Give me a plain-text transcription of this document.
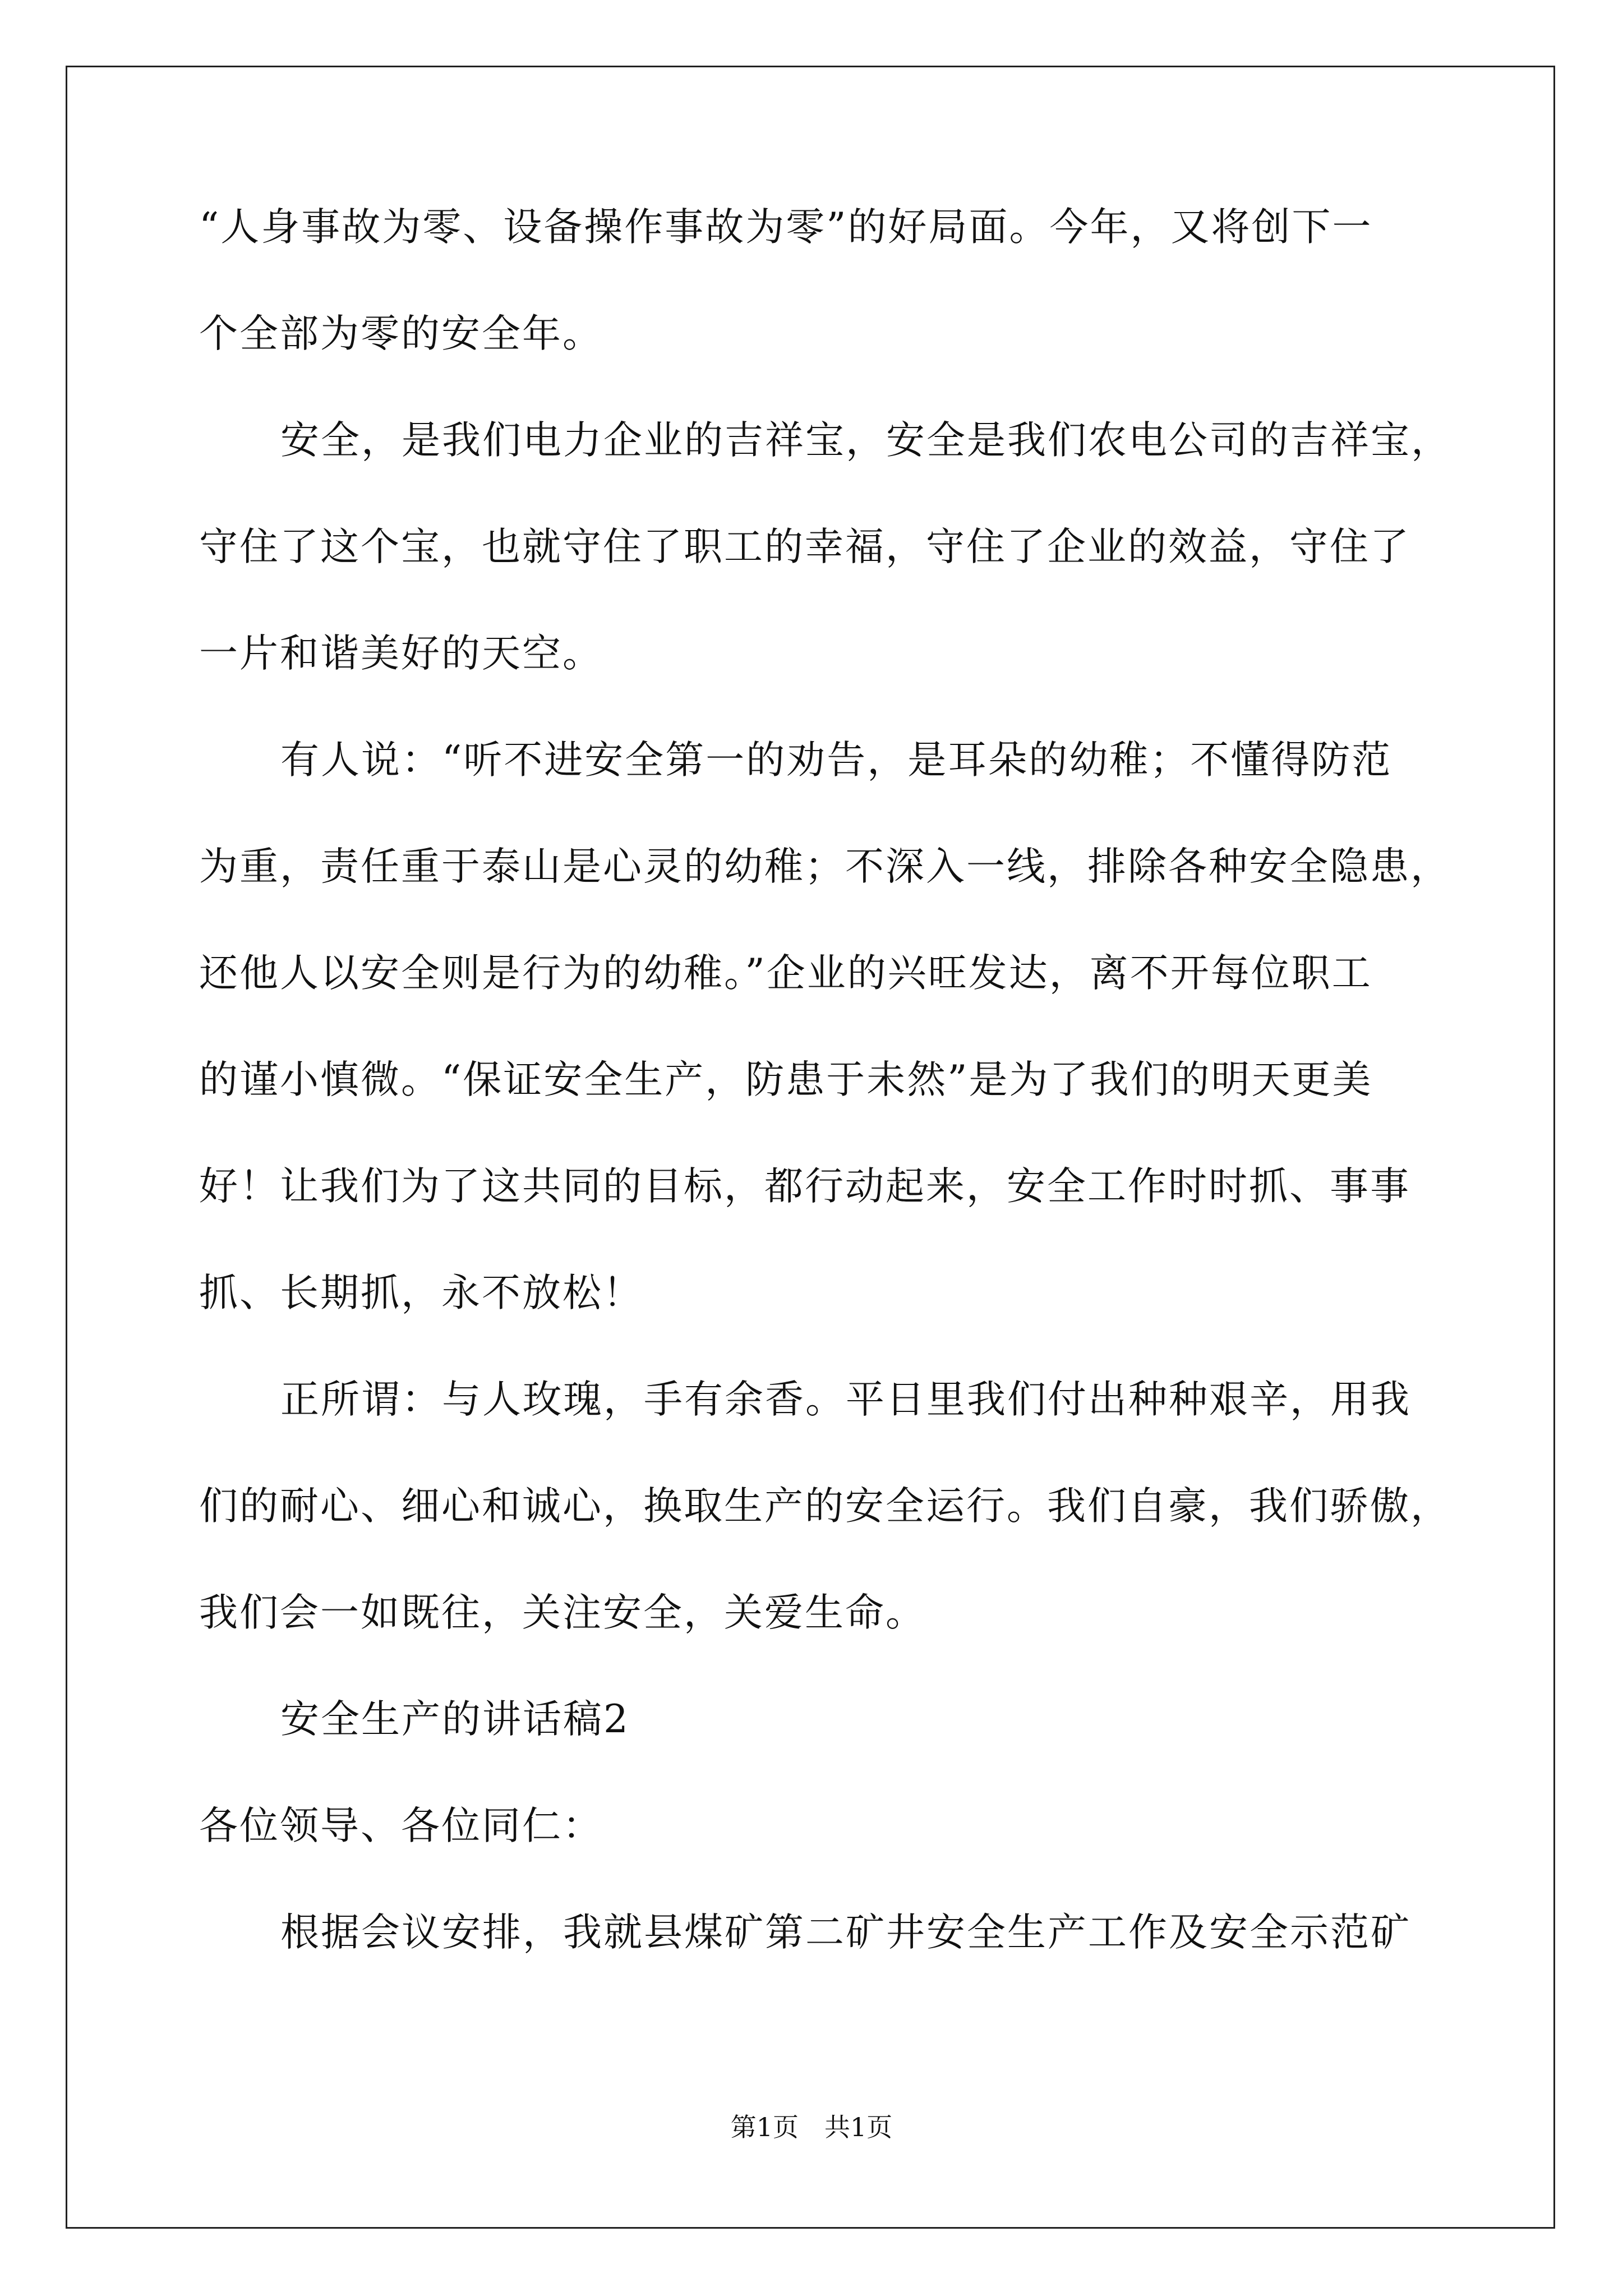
“人身事故为零、设备操作事故为零”的好局面。今年，又将创下一
个全部为零的安全年。
安全，是我们电力企业的吉祥宝，安全是我们农电公司的吉祥宝，
守住了这个宝，也就守住了职工的幸福，守住了企业的效益，守住了
一片和谐美好的天空。
有人说：“听不进安全第一的劝告，是耳朵的幼稚；不懂得防范
为重，责任重于泰山是心灵的幼稚；不深入一线，排除各种安全隐患，
还他人以安全则是行为的幼稚。”企业的兴旺发达，离不开每位职工
的谨小慎微。“保证安全生产，防患于未然”是为了我们的明天更美
好！让我们为了这共同的目标，都行动起来，安全工作时时抓、事事
抓、长期抓，永不放松！
正所谓：与人玫瑰，手有余香。平日里我们付出种种艰辛，用我
们的耐心、细心和诚心，换取生产的安全运行。我们自豪，我们骄傲，
我们会一如既往，关注安全，关爱生命。
安全生产的讲话稿2
各位领导、各位同仁：
根据会议安排，我就县煤矿第二矿井安全生产工作及安全示范矿
第1页　共1页
